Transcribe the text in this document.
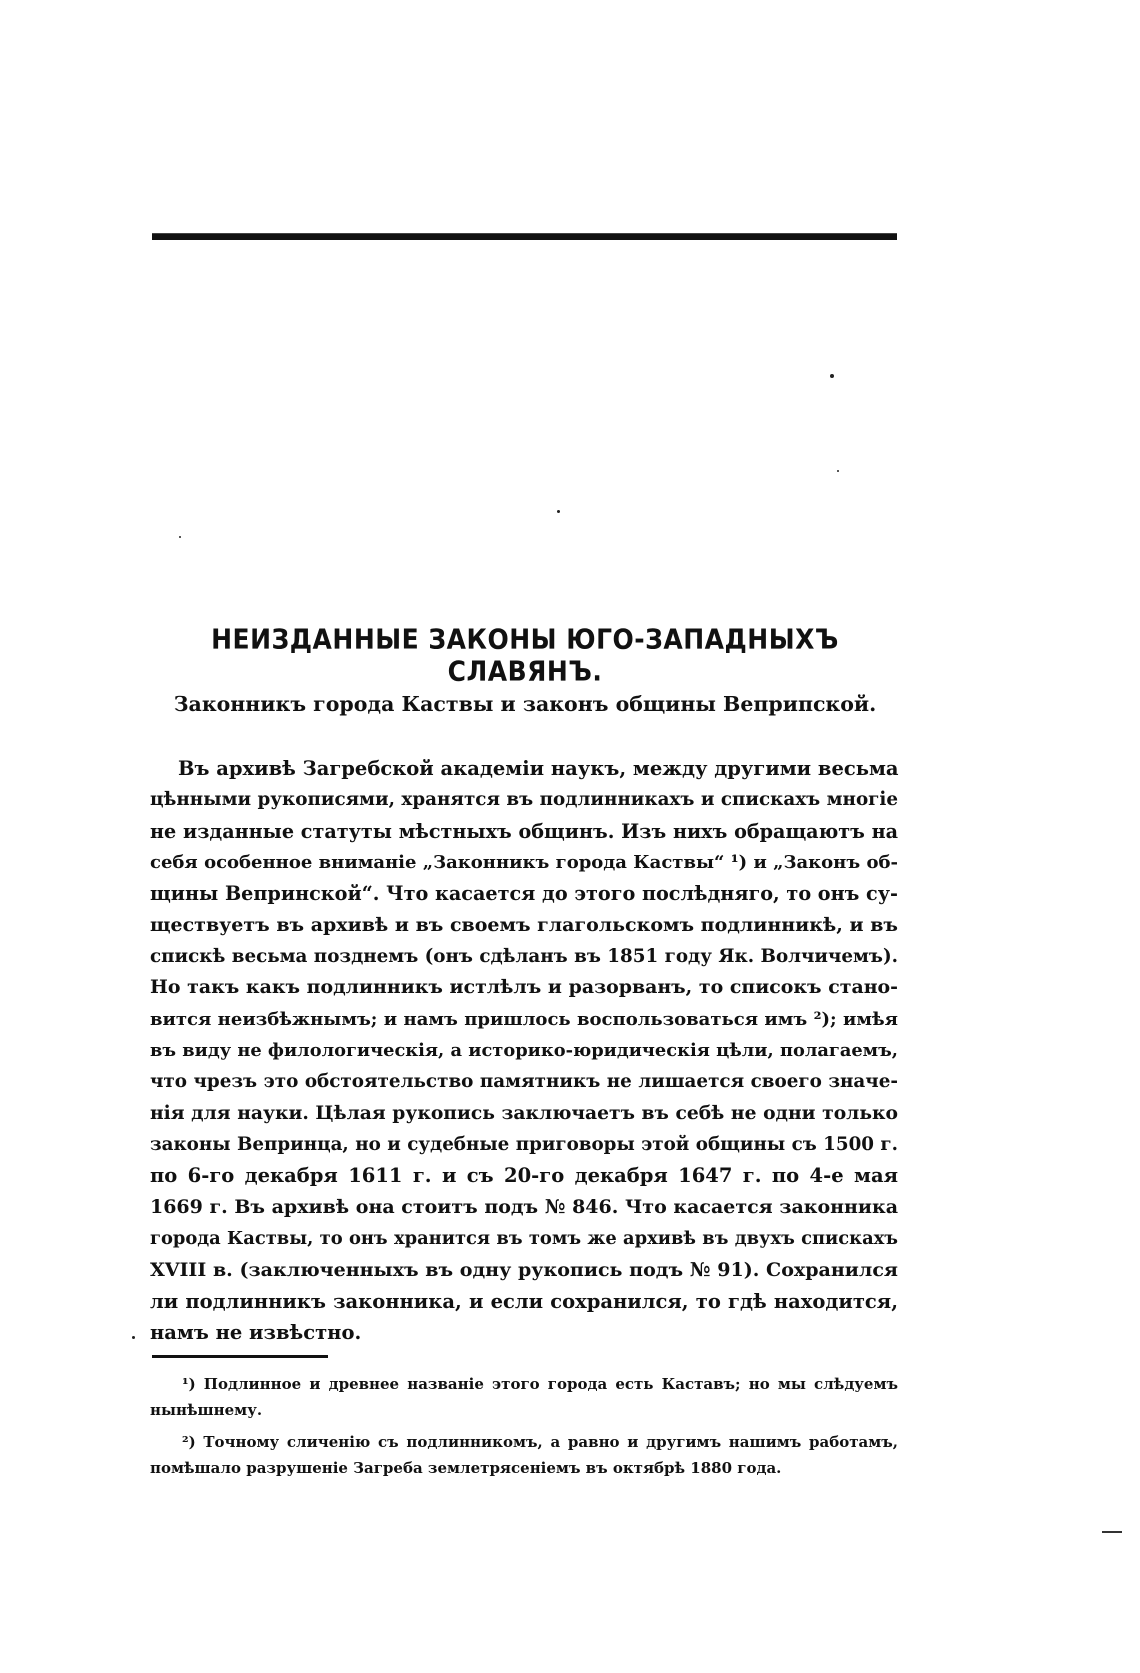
НЕИЗДАННЫЕ ЗАКОНЫ ЮГО-ЗАПАДНЫХЪ СЛАВЯНЪ.
Законникъ города Каствы и законъ общины Веприпской.
Въ архивѣ Загребской академіи наукъ, между другими весьма
цѣнными рукописями, хранятся въ подлинникахъ и спискахъ многіе
не изданные статуты мѣстныхъ общинъ. Изъ нихъ обращаютъ на
себя особенное вниманіе „Законникъ города Каствы“ ¹) и „Законъ об-
щины Вепринской“. Что касается до этого послѣдняго, то онъ су-
ществуетъ въ архивѣ и въ своемъ глагольскомъ подлинникѣ, и въ
спискѣ весьма позднемъ (онъ сдѣланъ въ 1851 году Як. Волчичемъ).
Но такъ какъ подлинникъ истлѣлъ и разорванъ, то списокъ стано-
вится неизбѣжнымъ; и намъ пришлось воспользоваться имъ ²); имѣя
въ виду не филологическія, а историко-юридическія цѣли, полагаемъ,
что чрезъ это обстоятельство памятникъ не лишается своего значе-
нія для науки. Цѣлая рукопись заключаетъ въ себѣ не одни только
законы Вепринца, но и судебные приговоры этой общины съ 1500 г.
по 6-го декабря 1611 г. и съ 20-го декабря 1647 г. по 4-е мая
1669 г. Въ архивѣ она стоитъ подъ № 846. Что касается законника
города Каствы, то онъ хранится въ томъ же архивѣ въ двухъ спискахъ
XVIII в. (заключенныхъ въ одну рукопись подъ № 91). Сохранился
ли подлинникъ законника, и если сохранился, то гдѣ находится,
намъ не извѣстно.
¹) Подлинное и древнее названіе этого города есть Каставъ; но мы слѣдуемъ
нынѣшнему.
²) Точному сличенію съ подлинникомъ, а равно и другимъ нашимъ работамъ,
помѣшало разрушеніе Загреба землетрясеніемъ въ октябрѣ 1880 года.
